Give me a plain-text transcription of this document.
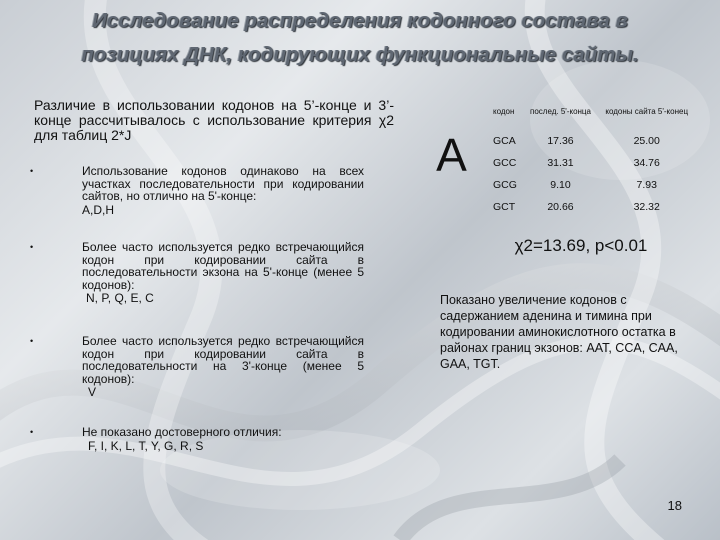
Исследование распределения кодонного состава в
позициях ДНК, кодирующих функциональные сайты.
Различие в использовании кодонов на 5’-конце и 3’-конце рассчитывалось с использование критерия χ2 для таблиц 2*J
•	Использование кодонов одинаково на всех участках последовательности при кодировании сайтов, но отлично на 5'-конце:
A,D,H
•	Более часто используется редко встречающийся кодон при кодировании сайта в последовательности экзона на 5'-конце (менее 5 кодонов):
N, P, Q, E, C
•	Более часто используется редко встречающийся кодон при кодировании сайта в последовательности на 3'-конце (менее 5 кодонов):
V
•	Не показано достоверного отличия:
F, I, K, L, T, Y, G, R, S
A
кодон	послед. 5'-конца	кодоны сайта 5'-конец
GCA	17.36	25.00
GCC	31.31	34.76
GCG	9.10	7.93
GCT	20.66	32.32
χ2=13.69, p<0.01
Показано увеличение кодонов с садержанием аденина и тимина при кодировании аминокислотного остатка в районах границ экзонов: AAT, CCA, CAA, GAA, TGT.
18
